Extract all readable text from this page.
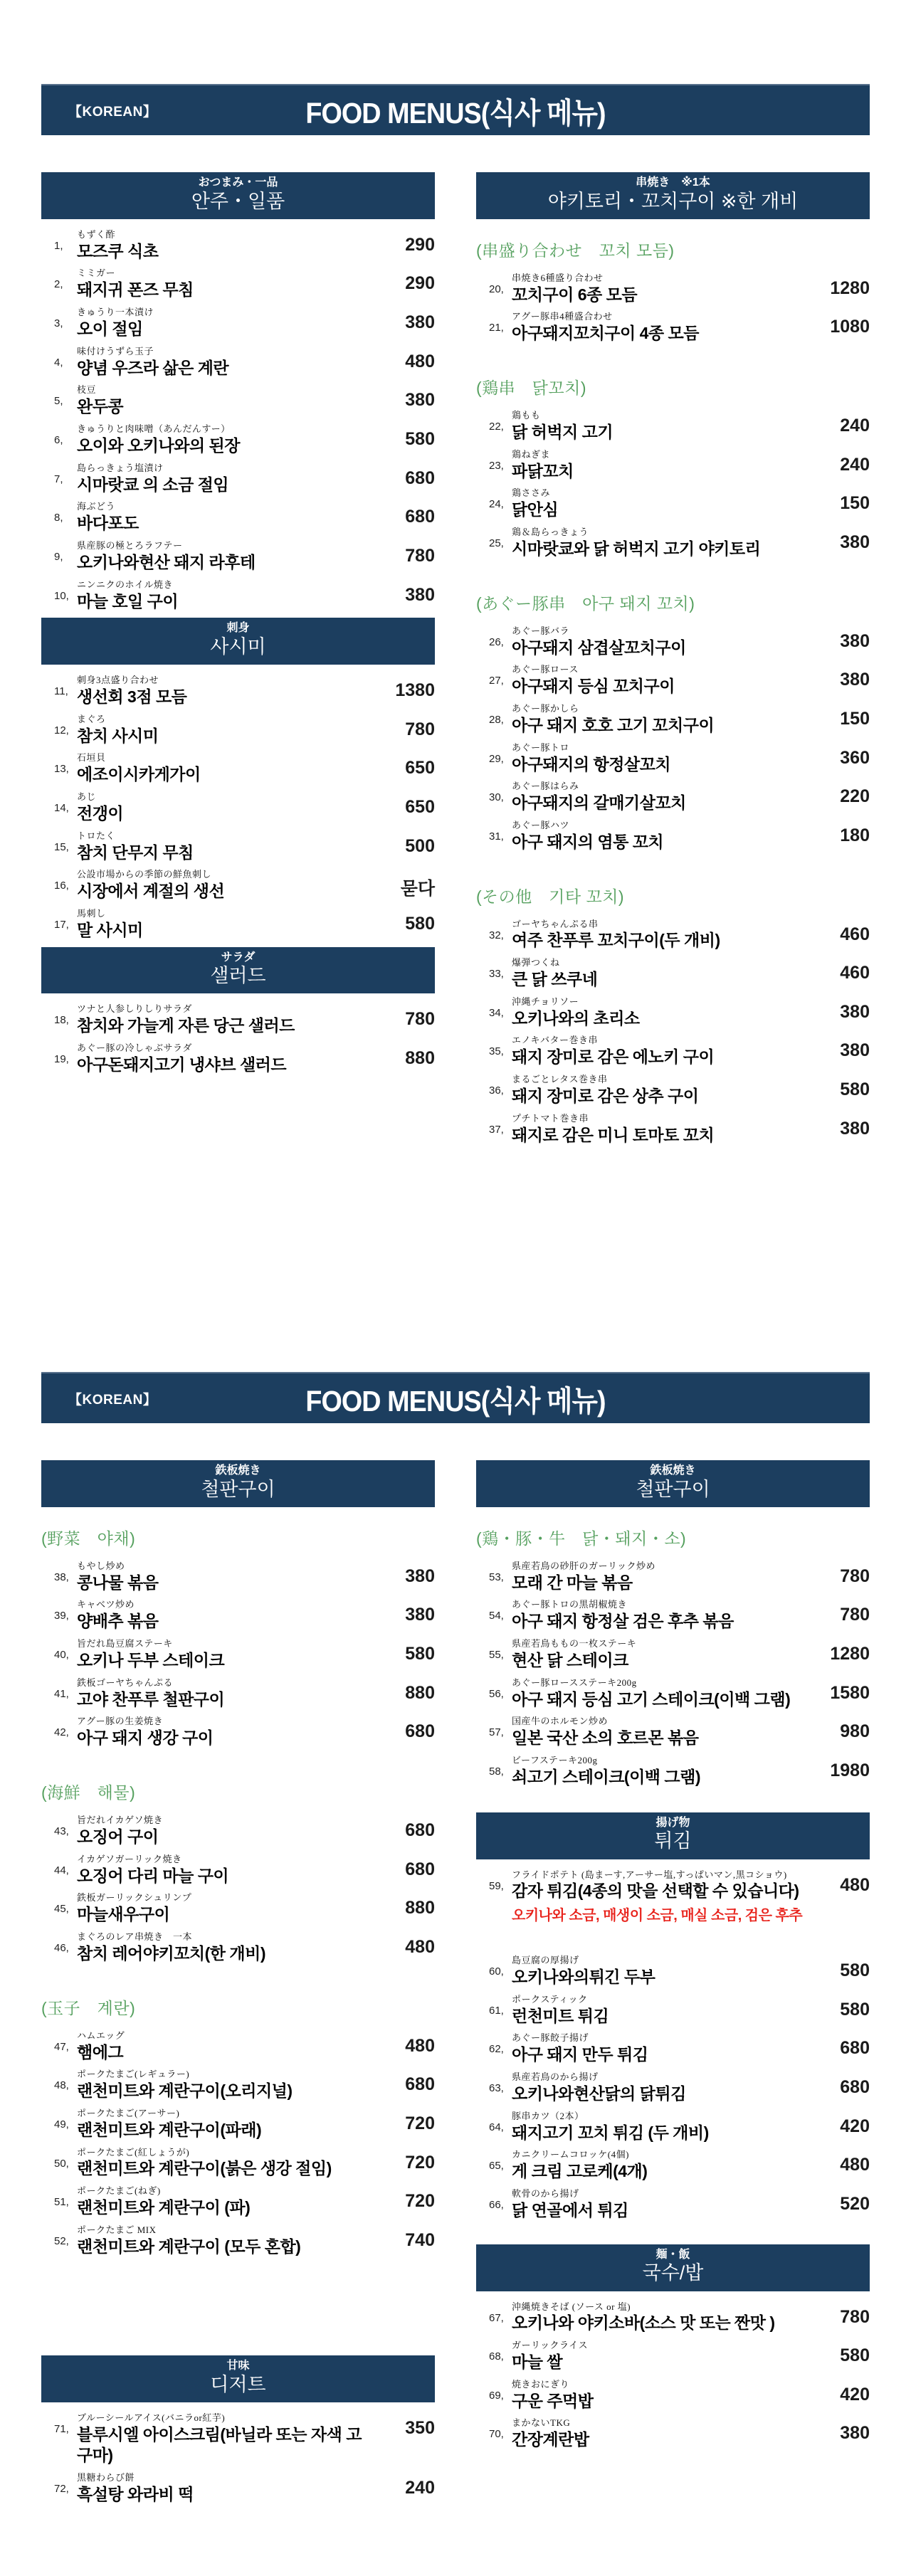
【KOREAN】	FOOD MENUS(식사 메뉴)
おつまみ・一品
안주・일품
1,
もずく酢
모즈쿠 식초	290
2,
ミミガー
돼지귀 폰즈 무침	290
3,
きゅうり一本漬け
오이 절임	380
4,
味付けうずら玉子
양념 우즈라 삶은 계란	480
5,
枝豆
완두콩	380
6,
きゅうりと肉味噌（あんだんすー）
오이와 오키나와의 된장	580
7,
島らっきょう塩漬け
시마랏쿄 의 소금 절임	680
8,
海ぶどう
바다포도	680
9,
県産豚の極とろラフテー
오키나와현산 돼지 라후테	780
10,
ニンニクのホイル焼き
마늘 호일 구이	380
刺身
사시미
11,
刺身3点盛り合わせ
생선회 3점 모듬	1380
12,
まぐろ
참치 사시미	780
13,
石垣貝
에조이시카게가이	650
14,
あじ
전갱이	650
15,
トロたく
참치 단무지 무침	500
16,
公設市場からの季節の鮮魚刺し
시장에서 계절의 생선	묻다
17,
馬刺し
말 사시미	580
サラダ
샐러드
18,
ツナと人参しりしりサラダ
참치와 가늘게 자른 당근 샐러드	780
19,
あぐー豚の冷しゃぶサラダ
아구돈돼지고기 냉샤브 샐러드	880
串焼き　※1本
야키토리・꼬치구이 ※한 개비
(串盛り合わせ　꼬치 모듬)
20,
串焼き6種盛り合わせ
꼬치구이 6종 모듬	1280
21,
アグー豚串4種盛合わせ
아구돼지꼬치구이 4종 모듬	1080
(鶏串　닭꼬치)
22,
鶏もも
닭 허벅지 고기	240
23,
鶏ねぎま
파닭꼬치	240
24,
鶏ささみ
닭안심	150
25,
鶏＆島らっきょう
시마랏쿄와 닭 허벅지 고기 야키토리	380
(あぐー豚串　아구 돼지 꼬치)
26,
あぐー豚バラ
아구돼지 삼겹살꼬치구이	380
27,
あぐー豚ロース
아구돼지 등심 꼬치구이	380
28,
あぐー豚かしら
아구 돼지 호호 고기 꼬치구이	150
29,
あぐー豚トロ
아구돼지의 항정살꼬치	360
30,
あぐー豚はらみ
아구돼지의 갈매기살꼬치	220
31,
あぐー豚ハツ
아구 돼지의 염통 꼬치	180
(その他　기타 꼬치)
32,
ゴーヤちゃんぷる串
여주 찬푸루 꼬치구이(두 개비)	460
33,
爆弾つくね
큰 닭 쓰쿠네	460
34,
沖縄チョリソー
오키나와의 초리소	380
35,
エノキバター巻き串
돼지 장미로 감은 에노키 구이	380
36,
まるごとレタス巻き串
돼지 장미로 감은 상추 구이	580
37,
プチトマト巻き串
돼지로 감은 미니 토마토 꼬치	380
【KOREAN】	FOOD MENUS(식사 메뉴)
鉄板焼き
철판구이
(野菜　야채)
38,
もやし炒め
콩나물 볶음	380
39,
キャベツ炒め
양배추 볶음	380
40,
旨だれ島豆腐ステーキ
오키나 두부 스테이크	580
41,
鉄板ゴーヤちゃんぷる
고야 찬푸루 철판구이	880
42,
アグー豚の生姜焼き
아구 돼지 생강 구이	680
(海鮮　해물)
43,
旨だれイカゲソ焼き
오징어 구이	680
44,
イカゲソガーリック焼き
오징어 다리 마늘 구이	680
45,
鉄板ガーリックシュリンプ
마늘새우구이	880
46,
まぐろのレア串焼き　一本
참치 레어야키꼬치(한 개비)	480
(玉子　계란)
47,
ハムエッグ
햄에그	480
48,
ポークたまご(レギュラー)
랜천미트와 계란구이(오리지널)	680
49,
ポークたまご(アーサー)
랜천미트와 계란구이(파래)	720
50,
ポークたまご(紅しょうが)
랜천미트와 계란구이(붉은 생강 절임)	720
51,
ポークたまご(ねぎ)
랜천미트와 계란구이 (파)	720
52,
ポークたまご MIX
랜천미트와 계란구이 (모두 혼합)	740
甘味
디저트
71,
ブルーシールアイス(バニラor紅芋)
블루시엘 아이스크림(바닐라 또는 자색 고구마)
350
72,
黒糖わらび餅
흑설탕 와라비 떡	240
鉄板焼き
철판구이
(鶏・豚・牛　닭・돼지・소)
53,
県産若鳥の砂肝のガーリック炒め
모래 간 마늘 볶음	780
54,
あぐー豚トロの黒胡椒焼き
아구 돼지 항정살 검은 후추 볶음	780
55,
県産若鳥ももの一枚ステーキ
현산 닭 스테이크	1280
56,
あぐー豚ロースステーキ200g
아구 돼지 등심 고기 스테이크(이백 그램)	1580
57,
国産牛のホルモン炒め
일본 국산 소의 호르몬 볶음	980
58,
ビーフステーキ200g
쇠고기 스테이크(이백 그램)	1980
揚げ物
튀김
59,
フライドポテト (島まーす,アーサー塩,すっぱいマン,黒コショウ)
감자 튀김(4종의 맛을 선택할 수 있습니다)
오키나와 소금, 매생이 소금, 매실 소금, 검은 후추
480
60,
島豆腐の厚揚げ
오키나와의튀긴 두부	580
61,
ポークスティック
런천미트 튀김	580
62,
あぐー豚餃子揚げ
아구 돼지 만두 튀김	680
63,
県産若鳥のから揚げ
오키나와현산닭의 닭튀김	680
64,
豚串カツ（2本）
돼지고기 꼬치 튀김 (두 개비)	420
65,
カニクリームコロッケ(4個)
게 크림 고로케(4개)	480
66,
軟骨のから揚げ
닭 연골에서 튀김	520
麺・飯
국수/밥
67,
沖縄焼きそば (ソース or 塩)
오키나와 야키소바(소스 맛 또는 짠맛 )	780
68,
ガーリックライス
마늘 쌀	580
69,
焼きおにぎり
구운 주먹밥	420
70,
まかないTKG
간장계란밥	380
